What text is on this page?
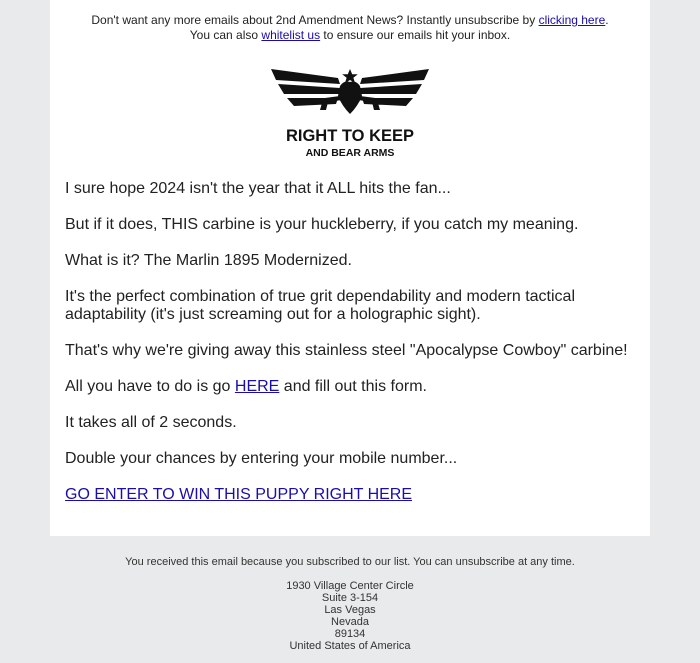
Don't want any more emails about 2nd Amendment News? Instantly unsubscribe by clicking here.
You can also whitelist us to ensure our emails hit your inbox.
RIGHT TO KEEP
AND BEAR ARMS

I sure hope 2024 isn't the year that it ALL hits the fan...

But if it does, THIS carbine is your huckleberry, if you catch my meaning.

What is it? The Marlin 1895 Modernized.

It's the perfect combination of true grit dependability and modern tactical adaptability (it's just screaming out for a holographic sight).

That's why we're giving away this stainless steel "Apocalypse Cowboy" carbine!

All you have to do is go HERE and fill out this form.

It takes all of 2 seconds.

Double your chances by entering your mobile number...

GO ENTER TO WIN THIS PUPPY RIGHT HERE

You received this email because you subscribed to our list. You can unsubscribe at any time.
1930 Village Center Circle
Suite 3-154
Las Vegas
Nevada
89134
United States of America
